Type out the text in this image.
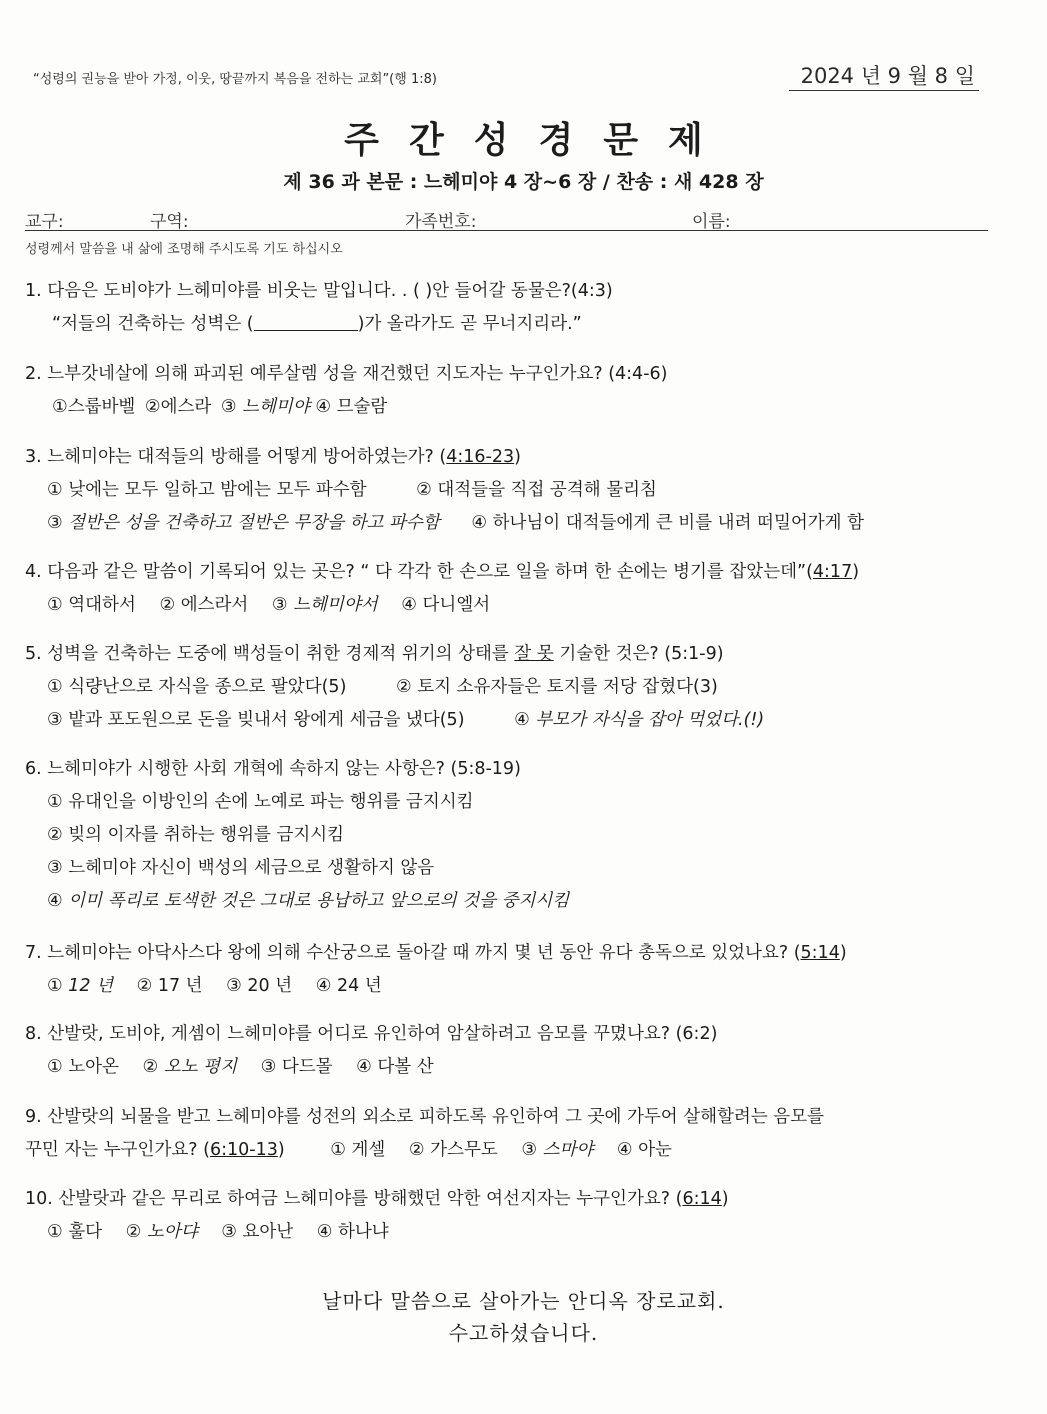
“성령의 권능을 받아 가정, 이웃, 땅끝까지 복음을 전하는 교회”(행 1:8)	2024 년 9 월 8 일
주간성경문제
제 36 과 본문 : 느헤미야 4 장~6 장 / 찬송 : 새 428 장
교구:	구역:	가족번호:	이름:
성령께서 말씀을 내 삶에 조명해 주시도록 기도 하십시오
1. 다음은 도비야가 느헤미야를 비웃는 말입니다. . ( )안 들어갈 동물은?(4:3)
“저들의 건축하는 성벽은 (	)가 올라가도 곧 무너지리라.”
2. 느부갓네살에 의해 파괴된 예루살렘 성을 재건했던 지도자는 누구인가요? (4:4-6)
①스룹바벨 ②에스라 ③ 느헤미야 ④ 므술람
3. 느헤미야는 대적들의 방해를 어떻게 방어하였는가? (4:16-23)
① 낮에는 모두 일하고 밤에는 모두 파수함	② 대적들을 직접 공격해 물리침
③ 절반은 성을 건축하고 절반은 무장을 하고 파수함 ④ 하나님이 대적들에게 큰 비를 내려 떠밀어가게 함
4. 다음과 같은 말씀이 기록되어 있는 곳은? “ 다 각각 한 손으로 일을 하며 한 손에는 병기를 잡았는데”(4:17)
① 역대하서 ② 에스라서 ③ 느헤미야서 ④ 다니엘서
5. 성벽을 건축하는 도중에 백성들이 취한 경제적 위기의 상태를 잘 못 기술한 것은? (5:1-9)
① 식량난으로 자식을 종으로 팔았다(5)	② 토지 소유자들은 토지를 저당 잡혔다(3)
③ 밭과 포도원으로 돈을 빚내서 왕에게 세금을 냈다(5)	④ 부모가 자식을 잡아 먹었다.(!)
6. 느헤미야가 시행한 사회 개혁에 속하지 않는 사항은? (5:8-19)
① 유대인을 이방인의 손에 노예로 파는 행위를 금지시킴
② 빚의 이자를 취하는 행위를 금지시킴
③ 느헤미야 자신이 백성의 세금으로 생활하지 않음
④ 이미 폭리로 토색한 것은 그대로 용납하고 앞으로의 것을 중지시킴
7. 느헤미야는 아닥사스다 왕에 의해 수산궁으로 돌아갈 때 까지 몇 년 동안 유다 총독으로 있었나요? (5:14)
① 12 년 ② 17 년 ③ 20 년 ④ 24 년
8. 산발랏, 도비야, 게셈이 느헤미야를 어디로 유인하여 암살하려고 음모를 꾸몄나요? (6:2)
① 노아온 ② 오노 평지 ③ 다드몰 ④ 다볼 산
9. 산발랏의 뇌물을 받고 느헤미야를 성전의 외소로 피하도록 유인하여 그 곳에 가두어 살해할려는 음모를
꾸민 자는 누구인가요? (6:10-13)	① 게셀 ② 가스무도 ③ 스마야 ④ 아눈
10. 산발랏과 같은 무리로 하여금 느헤미야를 방해했던 악한 여선지자는 누구인가요? (6:14)
① 훌다 ② 노아댜 ③ 요아난 ④ 하나냐
날마다 말씀으로 살아가는 안디옥 장로교회.
수고하셨습니다.
